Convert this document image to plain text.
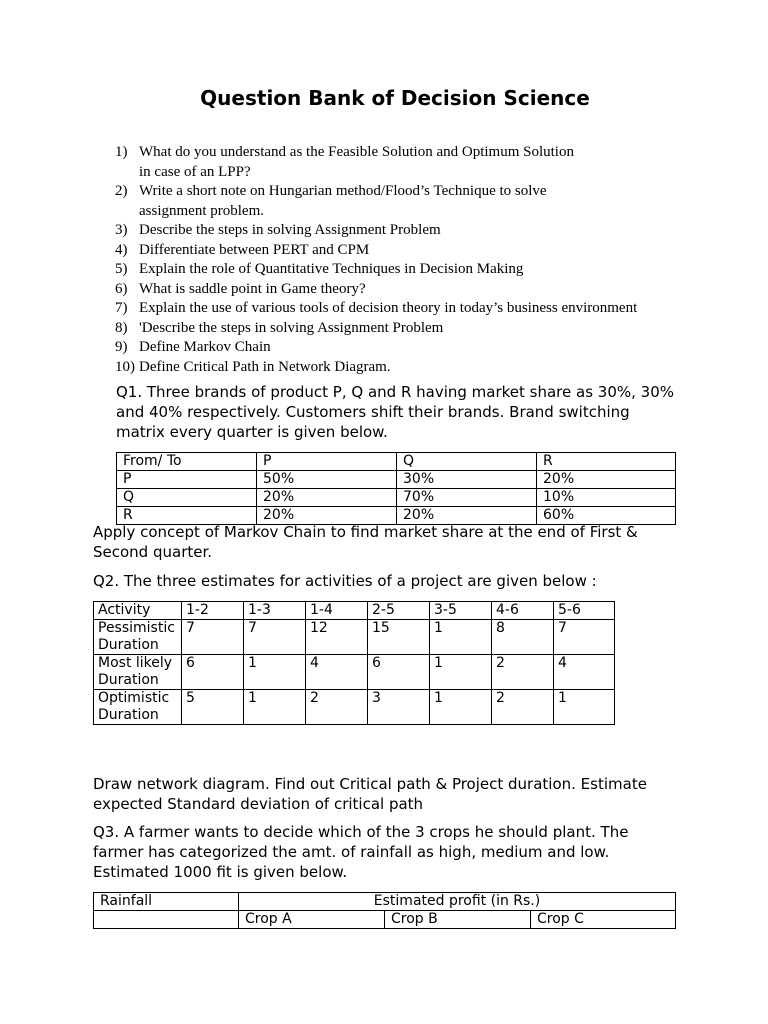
Question Bank of Decision Science
1) What do you understand as the Feasible Solution and Optimum Solution in case of an LPP?
2) Write a short note on Hungarian method/Flood’s Technique to solve assignment problem.
3) Describe the steps in solving Assignment Problem
4) Differentiate between PERT and CPM
5) Explain the role of Quantitative Techniques in Decision Making
6) What is saddle point in Game theory?
7) Explain the use of various tools of decision theory in today’s business environment
8) 'Describe the steps in solving Assignment Problem
9) Define Markov Chain
10) Define Critical Path in Network Diagram.
Q1. Three brands of product P, Q and R having market share as 30%, 30% and 40% respectively. Customers shift their brands. Brand switching matrix every quarter is given below.
From/ To	P	Q	R
P	50%	30%	20%
Q	20%	70%	10%
R	20%	20%	60%
Apply concept of Markov Chain to find market share at the end of First & Second quarter.
Q2. The three estimates for activities of a project are given below :
Activity	1-2	1-3	1-4	2-5	3-5	4-6	5-6
Pessimistic Duration	7	7	12	15	1	8	7
Most likely Duration	6	1	4	6	1	2	4
Optimistic Duration	5	1	2	3	1	2	1
Draw network diagram. Find out Critical path & Project duration. Estimate expected Standard deviation of critical path
Q3. A farmer wants to decide which of the 3 crops he should plant. The farmer has categorized the amt. of rainfall as high, medium and low. Estimated 1000 fit is given below.
Rainfall	Estimated profit (in Rs.)		
	Crop A	Crop B	Crop C
